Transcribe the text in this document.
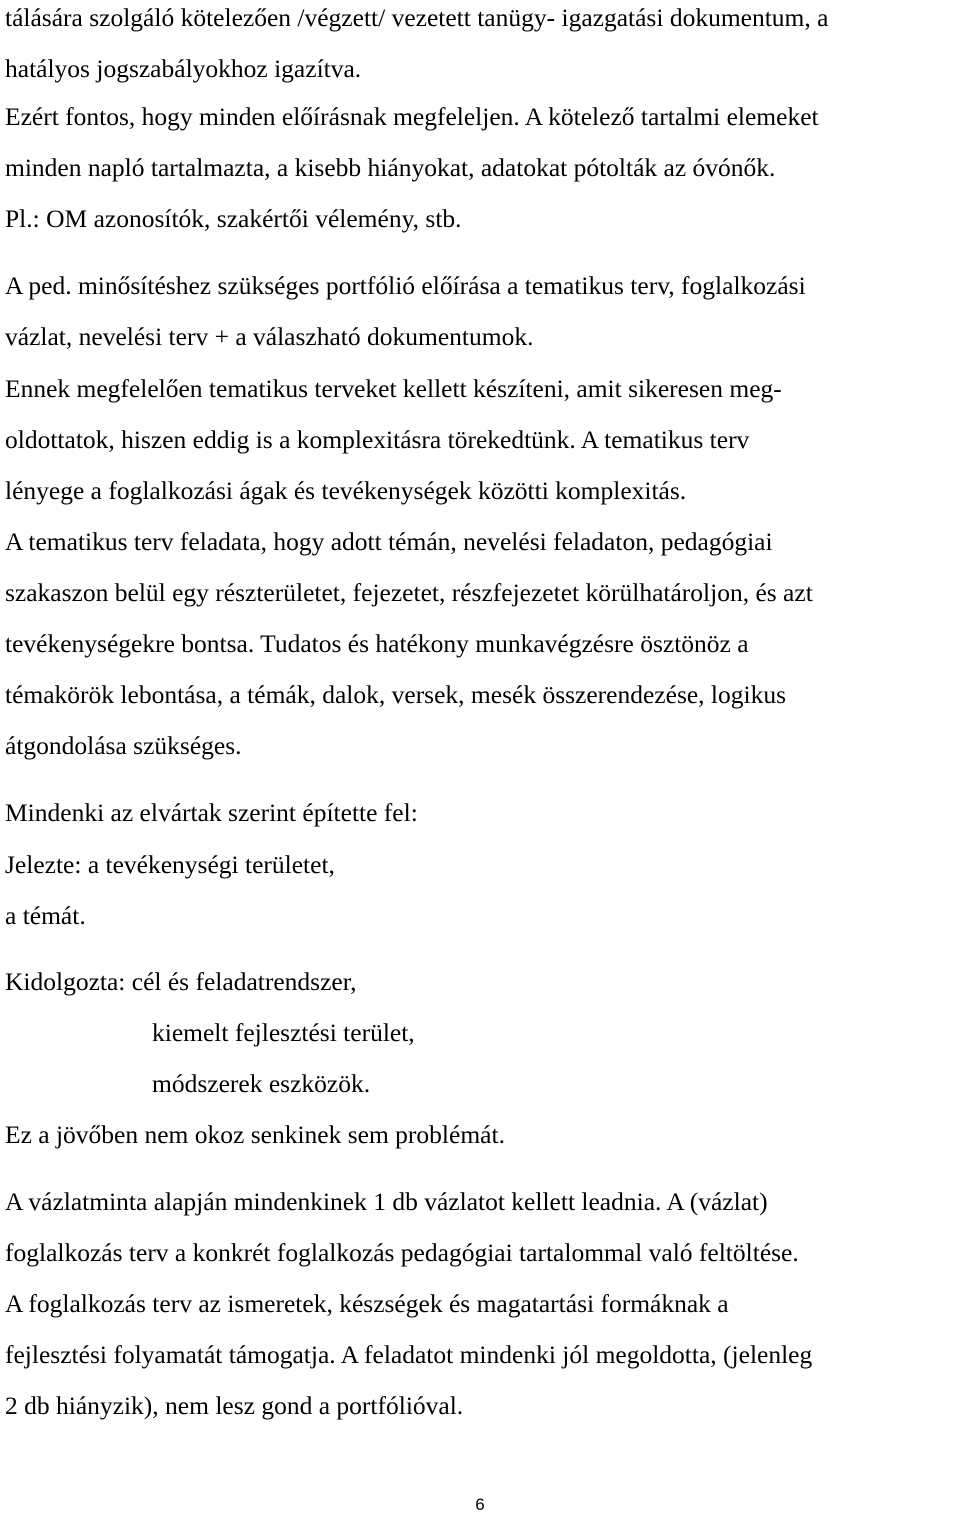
tálására szolgáló kötelezően /végzett/ vezetett tanügy- igazgatási dokumentum, a
hatályos jogszabályokhoz igazítva.
Ezért fontos, hogy minden előírásnak megfeleljen. A kötelező tartalmi elemeket
minden napló tartalmazta, a kisebb hiányokat, adatokat pótolták az óvónők.
Pl.: OM azonosítók, szakértői vélemény, stb.
A ped. minősítéshez szükséges portfólió előírása a tematikus terv, foglalkozási
vázlat, nevelési terv + a válaszható dokumentumok.
Ennek megfelelően tematikus terveket kellett készíteni, amit sikeresen meg-
oldottatok, hiszen eddig is a komplexitásra törekedtünk. A tematikus terv
lényege a foglalkozási ágak és tevékenységek közötti komplexitás.
A tematikus terv feladata, hogy adott témán, nevelési feladaton, pedagógiai
szakaszon belül egy részterületet, fejezetet, részfejezetet körülhatároljon, és azt
tevékenységekre bontsa. Tudatos és hatékony munkavégzésre ösztönöz a
témakörök lebontása, a témák, dalok, versek, mesék összerendezése, logikus
átgondolása szükséges.
Mindenki az elvártak szerint építette fel:
Jelezte: a tevékenységi területet,
a témát.
Kidolgozta: cél és feladatrendszer,
kiemelt fejlesztési terület,
módszerek eszközök.
Ez a jövőben nem okoz senkinek sem problémát.
A vázlatminta alapján mindenkinek 1 db vázlatot kellett leadnia. A (vázlat)
foglalkozás terv a konkrét foglalkozás pedagógiai tartalommal való feltöltése.
A foglalkozás terv az ismeretek, készségek és magatartási formáknak a
fejlesztési folyamatát támogatja. A feladatot mindenki jól megoldotta, (jelenleg
2 db hiányzik), nem lesz gond a portfólióval.
6
